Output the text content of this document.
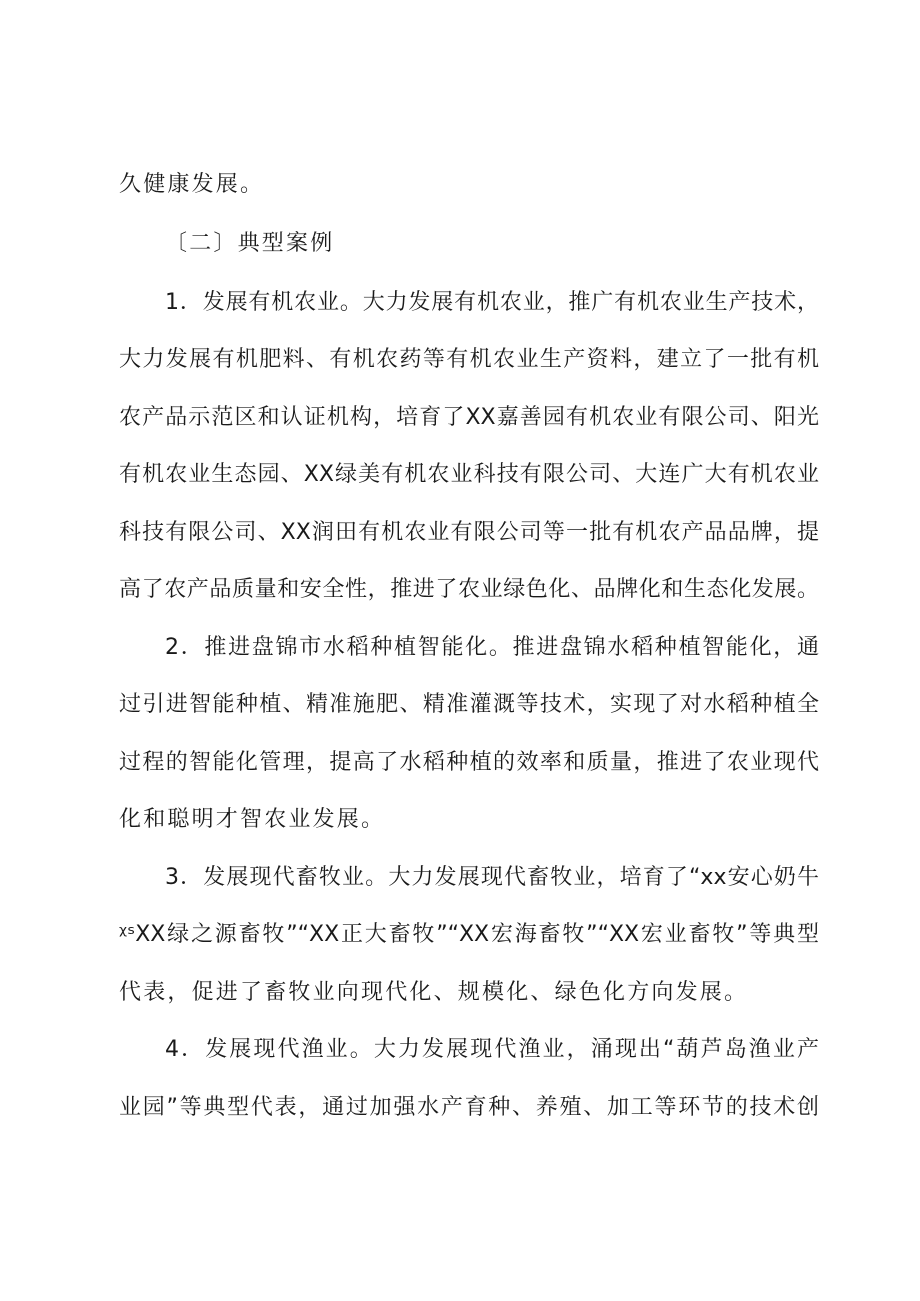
久健康发展。
〔二〕典型案例
1．发展有机农业。大力发展有机农业，推广有机农业生产技术，
大力发展有机肥料、有机农药等有机农业生产资料，建立了一批有机
农产品示范区和认证机构，培育了XX嘉善园有机农业有限公司、阳光
有机农业生态园、XX绿美有机农业科技有限公司、大连广大有机农业
科技有限公司、XX润田有机农业有限公司等一批有机农产品品牌，提
高了农产品质量和安全性，推进了农业绿色化、品牌化和生态化发展。
2．推进盘锦市水稻种植智能化。推进盘锦水稻种植智能化，通
过引进智能种植、精准施肥、精准灌溉等技术，实现了对水稻种植全
过程的智能化管理，提高了水稻种植的效率和质量，推进了农业现代
化和聪明才智农业发展。
3．发展现代畜牧业。大力发展现代畜牧业，培育了“xx安心奶牛
ᵡˢXX绿之源畜牧”“XX正大畜牧”“XX宏海畜牧”“XX宏业畜牧”等典型
代表，促进了畜牧业向现代化、规模化、绿色化方向发展。
4．发展现代渔业。大力发展现代渔业，涌现出“葫芦岛渔业产
业园”等典型代表，通过加强水产育种、养殖、加工等环节的技术创
